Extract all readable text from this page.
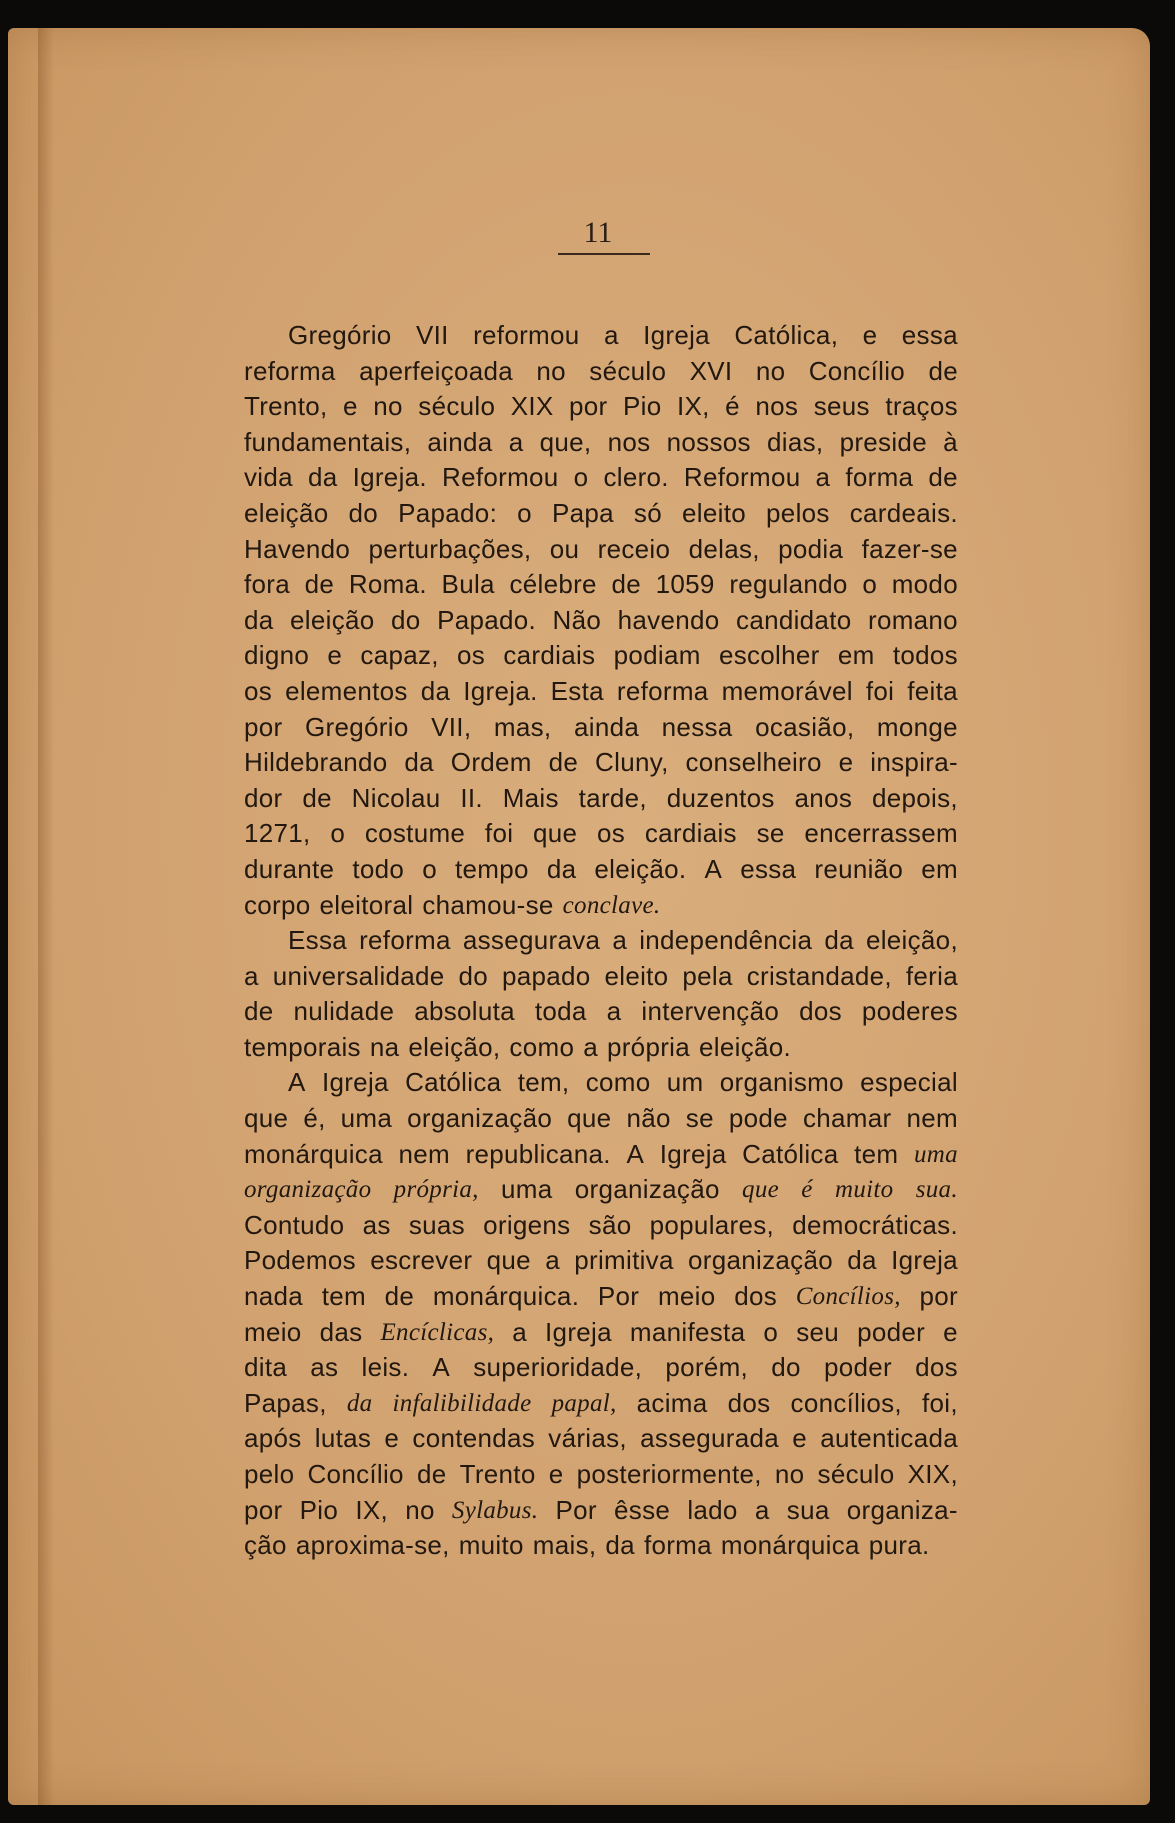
11
Gregório VII reformou a Igreja Católica, e essa
reforma aperfeiçoada no século XVI no Concílio de
Trento, e no século XIX por Pio IX, é nos seus traços
fundamentais, ainda a que, nos nossos dias, preside à
vida da Igreja. Reformou o clero. Reformou a forma de
eleição do Papado: o Papa só eleito pelos cardeais.
Havendo perturbações, ou receio delas, podia fazer-se
fora de Roma. Bula célebre de 1059 regulando o modo
da eleição do Papado. Não havendo candidato romano
digno e capaz, os cardiais podiam escolher em todos
os elementos da Igreja. Esta reforma memorável foi feita
por Gregório VII, mas, ainda nessa ocasião, monge
Hildebrando da Ordem de Cluny, conselheiro e inspira-
dor de Nicolau II. Mais tarde, duzentos anos depois,
1271, o costume foi que os cardiais se encerrassem
durante todo o tempo da eleição. A essa reunião em
corpo eleitoral chamou-se conclave.
Essa reforma assegurava a independência da eleição,
a universalidade do papado eleito pela cristandade, feria
de nulidade absoluta toda a intervenção dos poderes
temporais na eleição, como a própria eleição.
A Igreja Católica tem, como um organismo especial
que é, uma organização que não se pode chamar nem
monárquica nem republicana. A Igreja Católica tem uma
organização própria, uma organização que é muito sua.
Contudo as suas origens são populares, democráticas.
Podemos escrever que a primitiva organização da Igreja
nada tem de monárquica. Por meio dos Concílios, por
meio das Encíclicas, a Igreja manifesta o seu poder e
dita as leis. A superioridade, porém, do poder dos
Papas, da infalibilidade papal, acima dos concílios, foi,
após lutas e contendas várias, assegurada e autenticada
pelo Concílio de Trento e posteriormente, no século XIX,
por Pio IX, no Sylabus. Por êsse lado a sua organiza-
ção aproxima-se, muito mais, da forma monárquica pura.
